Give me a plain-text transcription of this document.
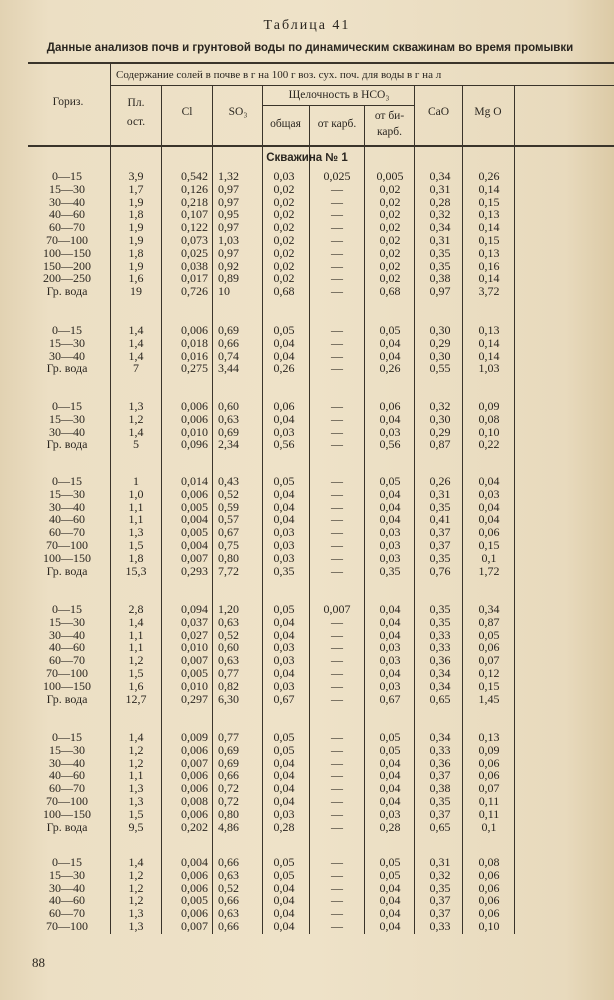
Таблица 41
Данные анализов почв и грунтовой воды по динамическим скважинам во время промывки
Гориз.
Содержание солей в почве в г на 100 г воз. сух. поч. для воды в г на л
Пл.
ост.
Cl	SO₃
Щелочность в HCO₃
общая	от карб.
от би-
карб.
CaO	Mg O
Скважина № 1
0—15	3,9	0,542 1,32	0,03	0,025	0,005	0,34	0,26
15—30	1,7	0,126 0,97	0,02	—	0,02	0,31	0,14
30—40	1,9	0,218 0,97	0,02	—	0,02	0,28	0,15
40—60	1,8	0,107 0,95	0,02	—	0,02	0,32	0,13
60—70	1,9	0,122 0,97	0,02	—	0,02	0,34	0,14
70—100	1,9	0,073 1,03	0,02	—	0,02	0,31	0,15
100—150	1,8	0,025 0,97	0,02	—	0,02	0,35	0,13
150—200	1,9	0,038 0,92	0,02	—	0,02	0,35	0,16
200—250	1,6	0,017 0,89	0,02	—	0,02	0,38	0,14
Гр. вода	19	0,726 10	0,68	—	0,68	0,97	3,72
0—15	1,4	0,006 0,69	0,05	—	0,05	0,30	0,13
15—30	1,4	0,018 0,66	0,04	—	0,04	0,29	0,14
30—40	1,4	0,016 0,74	0,04	—	0,04	0,30	0,14
Гр. вода	7	0,275 3,44	0,26	—	0,26	0,55	1,03
0—15	1,3	0,006 0,60	0,06	—	0,06	0,32	0,09
15—30	1,2	0,006 0,63	0,04	—	0,04	0,30	0,08
30—40	1,4	0,010 0,69	0,03	—	0,03	0,29	0,10
Гр. вода	5	0,096 2,34	0,56	—	0,56	0,87	0,22
0—15	1	0,014 0,43	0,05	—	0,05	0,26	0,04
15—30	1,0	0,006 0,52	0,04	—	0,04	0,31	0,03
30—40	1,1	0,005 0,59	0,04	—	0,04	0,35	0,04
40—60	1,1	0,004 0,57	0,04	—	0,04	0,41	0,04
60—70	1,3	0,005 0,67	0,03	—	0,03	0,37	0,06
70—100	1,5	0,004 0,75	0,03	—	0,03	0,37	0,15
100—150	1,8	0,007 0,80	0,03	—	0,03	0,35	0,1
Гр. вода	15,3	0,293 7,72	0,35	—	0,35	0,76	1,72
0—15	2,8	0,094 1,20	0,05	0,007	0,04	0,35	0,34
15—30	1,4	0,037 0,63	0,04	—	0,04	0,35	0,87
30—40	1,1	0,027 0,52	0,04	—	0,04	0,33	0,05
40—60	1,1	0,010 0,60	0,03	—	0,03	0,33	0,06
60—70	1,2	0,007 0,63	0,03	—	0,03	0,36	0,07
70—100	1,5	0,005 0,77	0,04	—	0,04	0,34	0,12
100—150	1,6	0,010 0,82	0,03	—	0,03	0,34	0,15
Гр. вода	12,7	0,297 6,30	0,67	—	0,67	0,65	1,45
0—15	1,4	0,009 0,77	0,05	—	0,05	0,34	0,13
15—30	1,2	0,006 0,69	0,05	—	0,05	0,33	0,09
30—40	1,2	0,007 0,69	0,04	—	0,04	0,36	0,06
40—60	1,1	0,006 0,66	0,04	—	0,04	0,37	0,06
60—70	1,3	0,006 0,72	0,04	—	0,04	0,38	0,07
70—100	1,3	0,008 0,72	0,04	—	0,04	0,35	0,11
100—150	1,5	0,006 0,80	0,03	—	0,03	0,37	0,11
Гр. вода	9,5	0,202 4,86	0,28	—	0,28	0,65	0,1
0—15	1,4	0,004 0,66	0,05	—	0,05	0,31	0,08
15—30	1,2	0,006 0,63	0,05	—	0,05	0,32	0,06
30—40	1,2	0,006 0,52	0,04	—	0,04	0,35	0,06
40—60	1,2	0,005 0,66	0,04	—	0,04	0,37	0,06
60—70	1,3	0,006 0,63	0,04	—	0,04	0,37	0,06
70—100	1,3	0,007 0,66	0,04	—	0,04	0,33	0,10
88
